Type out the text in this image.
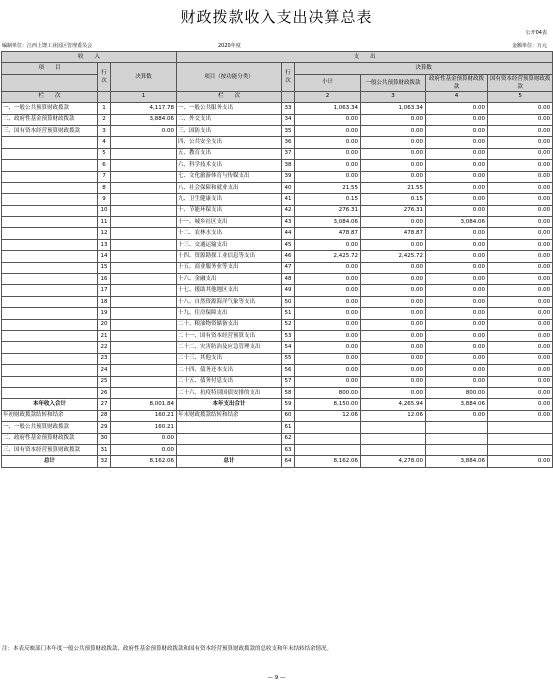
财政拨款收入支出决算总表
公开04表
编制单位：江西上饶工业园区管理委员会	2020年度	金额单位：万元
收　　入			支　　出					
项　　目	行次	决算数	项目（按功能分类）	行次	决算数			
					小计	一般公共预算财政拨款	政府性基金预算财政拨款	国有资本经营预算财政拨款

栏　　次		1	栏　　次		2	3	4	5
一、一般公共预算财政拨款	1	4,117.78	一、一般公共服务支出	33	1,063.34	1,063.34	0.00	0.00
二、政府性基金预算财政拨款	2	3,884.06	二、外交支出	34	0.00	0.00	0.00	0.00
三、国有资本经营预算财政拨款	3	0.00	三、国防支出	35	0.00	0.00	0.00	0.00
	4		四、公共安全支出	36	0.00	0.00	0.00	0.00
	5		五、教育支出	37	0.00	0.00	0.00	0.00
	6		六、科学技术支出	38	0.00	0.00	0.00	0.00
	7		七、文化旅游体育与传媒支出	39	0.00	0.00	0.00	0.00
	8		八、社会保障和就业支出	40	21.55	21.55	0.00	0.00
	9		九、卫生健康支出	41	0.15	0.15	0.00	0.00
	10		十、节能环保支出	42	276.31	276.31	0.00	0.00
	11		十一、城乡社区支出	43	3,084.06	0.00	3,084.06	0.00
	12		十二、农林水支出	44	478.87	478.87	0.00	0.00
	13		十三、交通运输支出	45	0.00	0.00	0.00	0.00
	14		十四、资源勘探工业信息等支出	46	2,425.72	2,425.72	0.00	0.00
	15		十五、商业服务业等支出	47	0.00	0.00	0.00	0.00
	16		十六、金融支出	48	0.00	0.00	0.00	0.00
	17		十七、援助其他地区支出	49	0.00	0.00	0.00	0.00
	18		十八、自然资源海洋气象等支出	50	0.00	0.00	0.00	0.00
	19		十九、住房保障支出	51	0.00	0.00	0.00	0.00
	20		二十、粮油物资储备支出	52	0.00	0.00	0.00	0.00
	21		二十一、国有资本经营预算支出	53	0.00	0.00	0.00	0.00
	22		二十二、灾害防治及应急管理支出	54	0.00	0.00	0.00	0.00
	23		二十三、其他支出	55	0.00	0.00	0.00	0.00
	24		二十四、债务还本支出	56	0.00	0.00	0.00	0.00
	25		二十五、债务付息支出	57	0.00	0.00	0.00	0.00
	26		二十六、抗疫特别国债安排的支出	58	800.00	0.00	800.00	0.00
本年收入合计	27	8,001.84	本年支出合计	59	8,150.00	4,265.94	3,884.06	0.00
年初财政拨款结转和结余	28	160.21	年末财政拨款结转和结余	60	12.06	12.06	0.00	0.00
一、一般公共预算财政拨款	29	160.21		61				
二、政府性基金预算财政拨款	30	0.00		62				
三、国有资本经营预算财政拨款	31	0.00		63				
总计	32	8,162.06	总计	64	8,162.06	4,278.00	3,884.06	0.00
注：本表反映部门本年度一般公共预算财政拨款、政府性基金预算财政拨款和国有资本经营预算财政拨款的总收支和年末结转结余情况。
— 9 —
